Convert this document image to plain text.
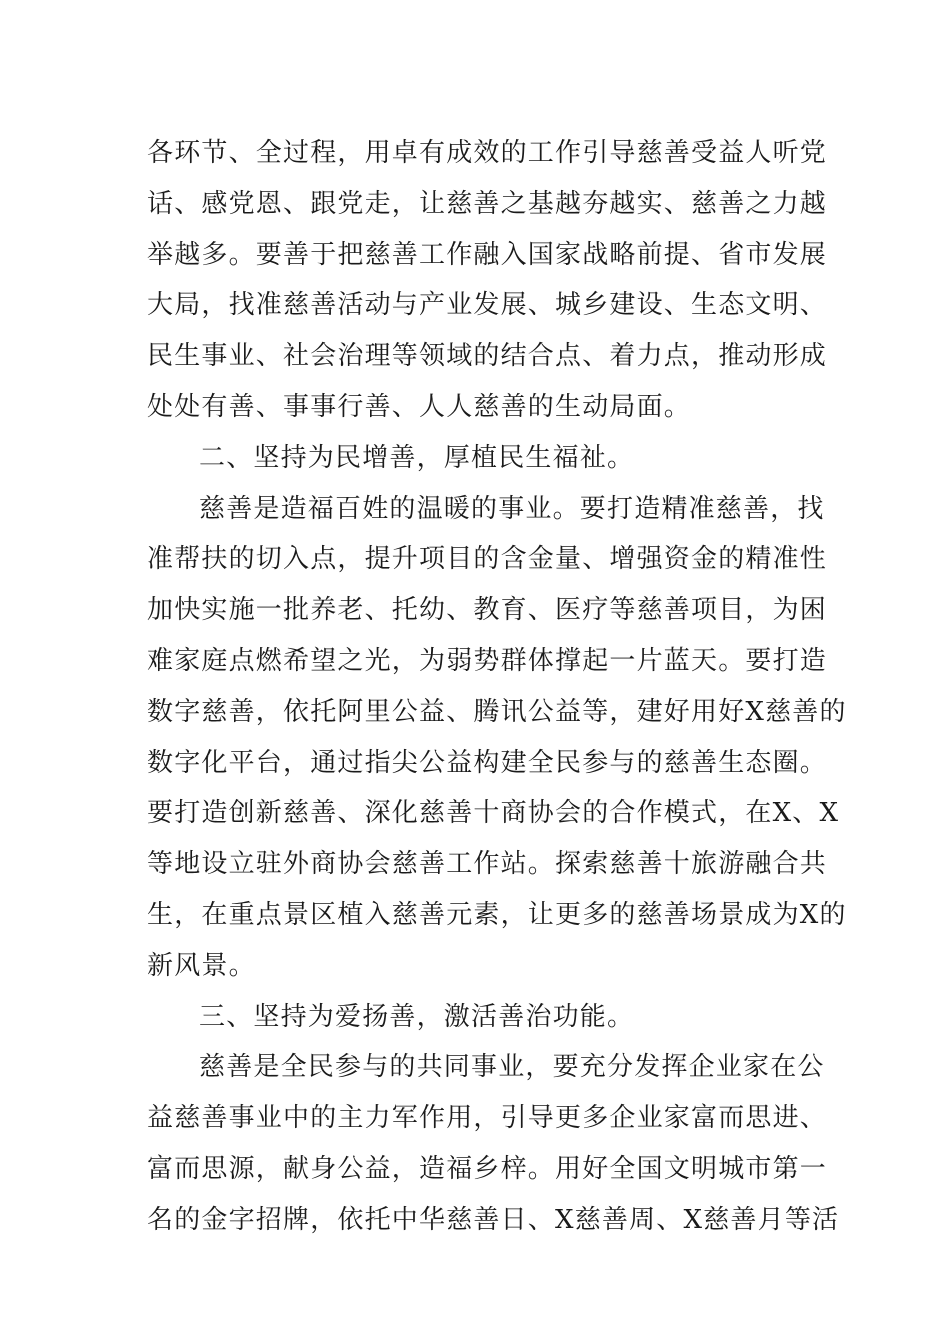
各环节、全过程，用卓有成效的工作引导慈善受益人听党
话、感党恩、跟党走，让慈善之基越夯越实、慈善之力越
举越多。要善于把慈善工作融入国家战略前提、省市发展
大局，找准慈善活动与产业发展、城乡建设、生态文明、
民生事业、社会治理等领域的结合点、着力点，推动形成
处处有善、事事行善、人人慈善的生动局面。
二、坚持为民增善，厚植民生福祉。
慈善是造福百姓的温暖的事业。要打造精准慈善，找
准帮扶的切入点，提升项目的含金量、增强资金的精准性
加快实施一批养老、托幼、教育、医疗等慈善项目，为困
难家庭点燃希望之光，为弱势群体撑起一片蓝天。要打造
数字慈善，依托阿里公益、腾讯公益等，建好用好X慈善的
数字化平台，通过指尖公益构建全民参与的慈善生态圈。
要打造创新慈善、深化慈善十商协会的合作模式，在X、X
等地设立驻外商协会慈善工作站。探索慈善十旅游融合共
生，在重点景区植入慈善元素，让更多的慈善场景成为X的
新风景。
三、坚持为爱扬善，激活善治功能。
慈善是全民参与的共同事业，要充分发挥企业家在公
益慈善事业中的主力军作用，引导更多企业家富而思进、
富而思源，献身公益，造福乡梓。用好全国文明城市第一
名的金字招牌，依托中华慈善日、X慈善周、X慈善月等活
